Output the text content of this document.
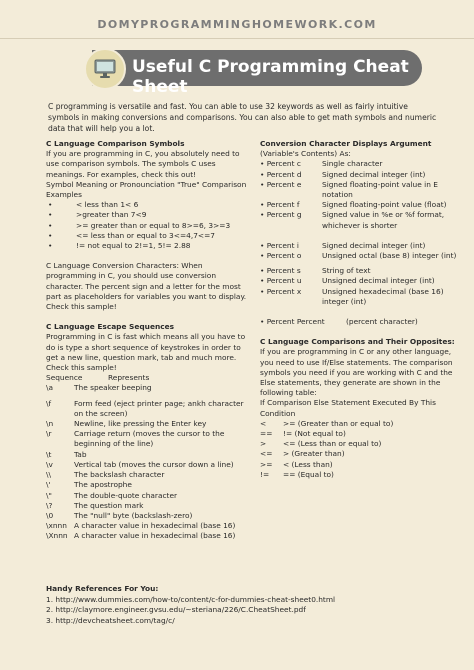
DOMYPROGRAMMINGHOMEWORK.COM
Useful C Programming Cheat Sheet
C programming is versatile and fast. You can able to use 32 keywords as well as fairly intuitive symbols in making conversions and comparisons. You can also able to get math symbols and numeric data that will help you a lot.
C Language Comparison Symbols

If you are programming in C, you absolutely need to use comparison symbols. The symbols C uses meanings. For examples, check this out!

Symbol Meaning or Pronounciation "True" Comparison Examples

•	< less than 1< 6
•	>greater than 7<9
•	>= greater than or equal to 8>=6, 3>=3
•	<= less than or equal to 3<=4,7<=7
•	!= not equal to 2!=1, 5!= 2.88

C Language Conversion Characters: When programming in C, you should use conversion character. The percent sign and a letter for the most part as placeholders for variables you want to display. Check this sample!

C Language Escape Sequences

Programming in C is fast which means all you have to do is type a short sequence of keystrokes in order to get a new line, question mark, tab and much more. Check this sample!

Sequence	Represents
\a	The speaker beeping
\f	Form feed (eject printer page; ankh character on the screen)
\n	Newline, like pressing the Enter key
\r	Carriage return (moves the cursor to the beginning of the line)
\t	Tab
\v	Vertical tab (moves the cursor down a line)
\\	The backslash character
\'	The apostrophe
\"	The double-quote character
\?	The question mark
\0	The "null" byte (backslash-zero)
\xnnn A character value in hexadecimal (base 16)
\Xnnn A character value in hexadecimal (base 16)
Conversion Character Displays Argument

(Variable's Contents) As:

• Percent c	Single character
• Percent d	Signed decimal integer (int)
• Percent e	Signed floating-point value in E notation
• Percent f	Signed floating-point value (float)
• Percent g	Signed value in %e or %f format, whichever is shorter
• Percent i	Signed decimal integer (int)
• Percent o	Unsigned octal (base 8) integer (int)
• Percent s	String of text
• Percent u	Unsigned decimal integer (int)
• Percent x	Unsigned hexadecimal (base 16) integer (int)
• Percent Percent	(percent character)
C Language Comparisons and Their Opposites:

If you are programming in C or any other language, you need to use If/Else statements. The comparison symbols you need if you are working with C and the Else statements, they generate are shown in the following table:

If Comparison Else Statement Executed By This Condition

<	>= (Greater than or equal to)
==	!= (Not equal to)
>	<= (Less than or equal to)
<=	> (Greater than)
>=	< (Less than)
!=	== (Equal to)
Handy References For You:
1. http://www.dummies.com/how-to/content/c-for-dummies-cheat-sheet0.html
2. http://claymore.engineer.gvsu.edu/~steriana/226/C.CheatSheet.pdf
3. http://devcheatsheet.com/tag/c/
